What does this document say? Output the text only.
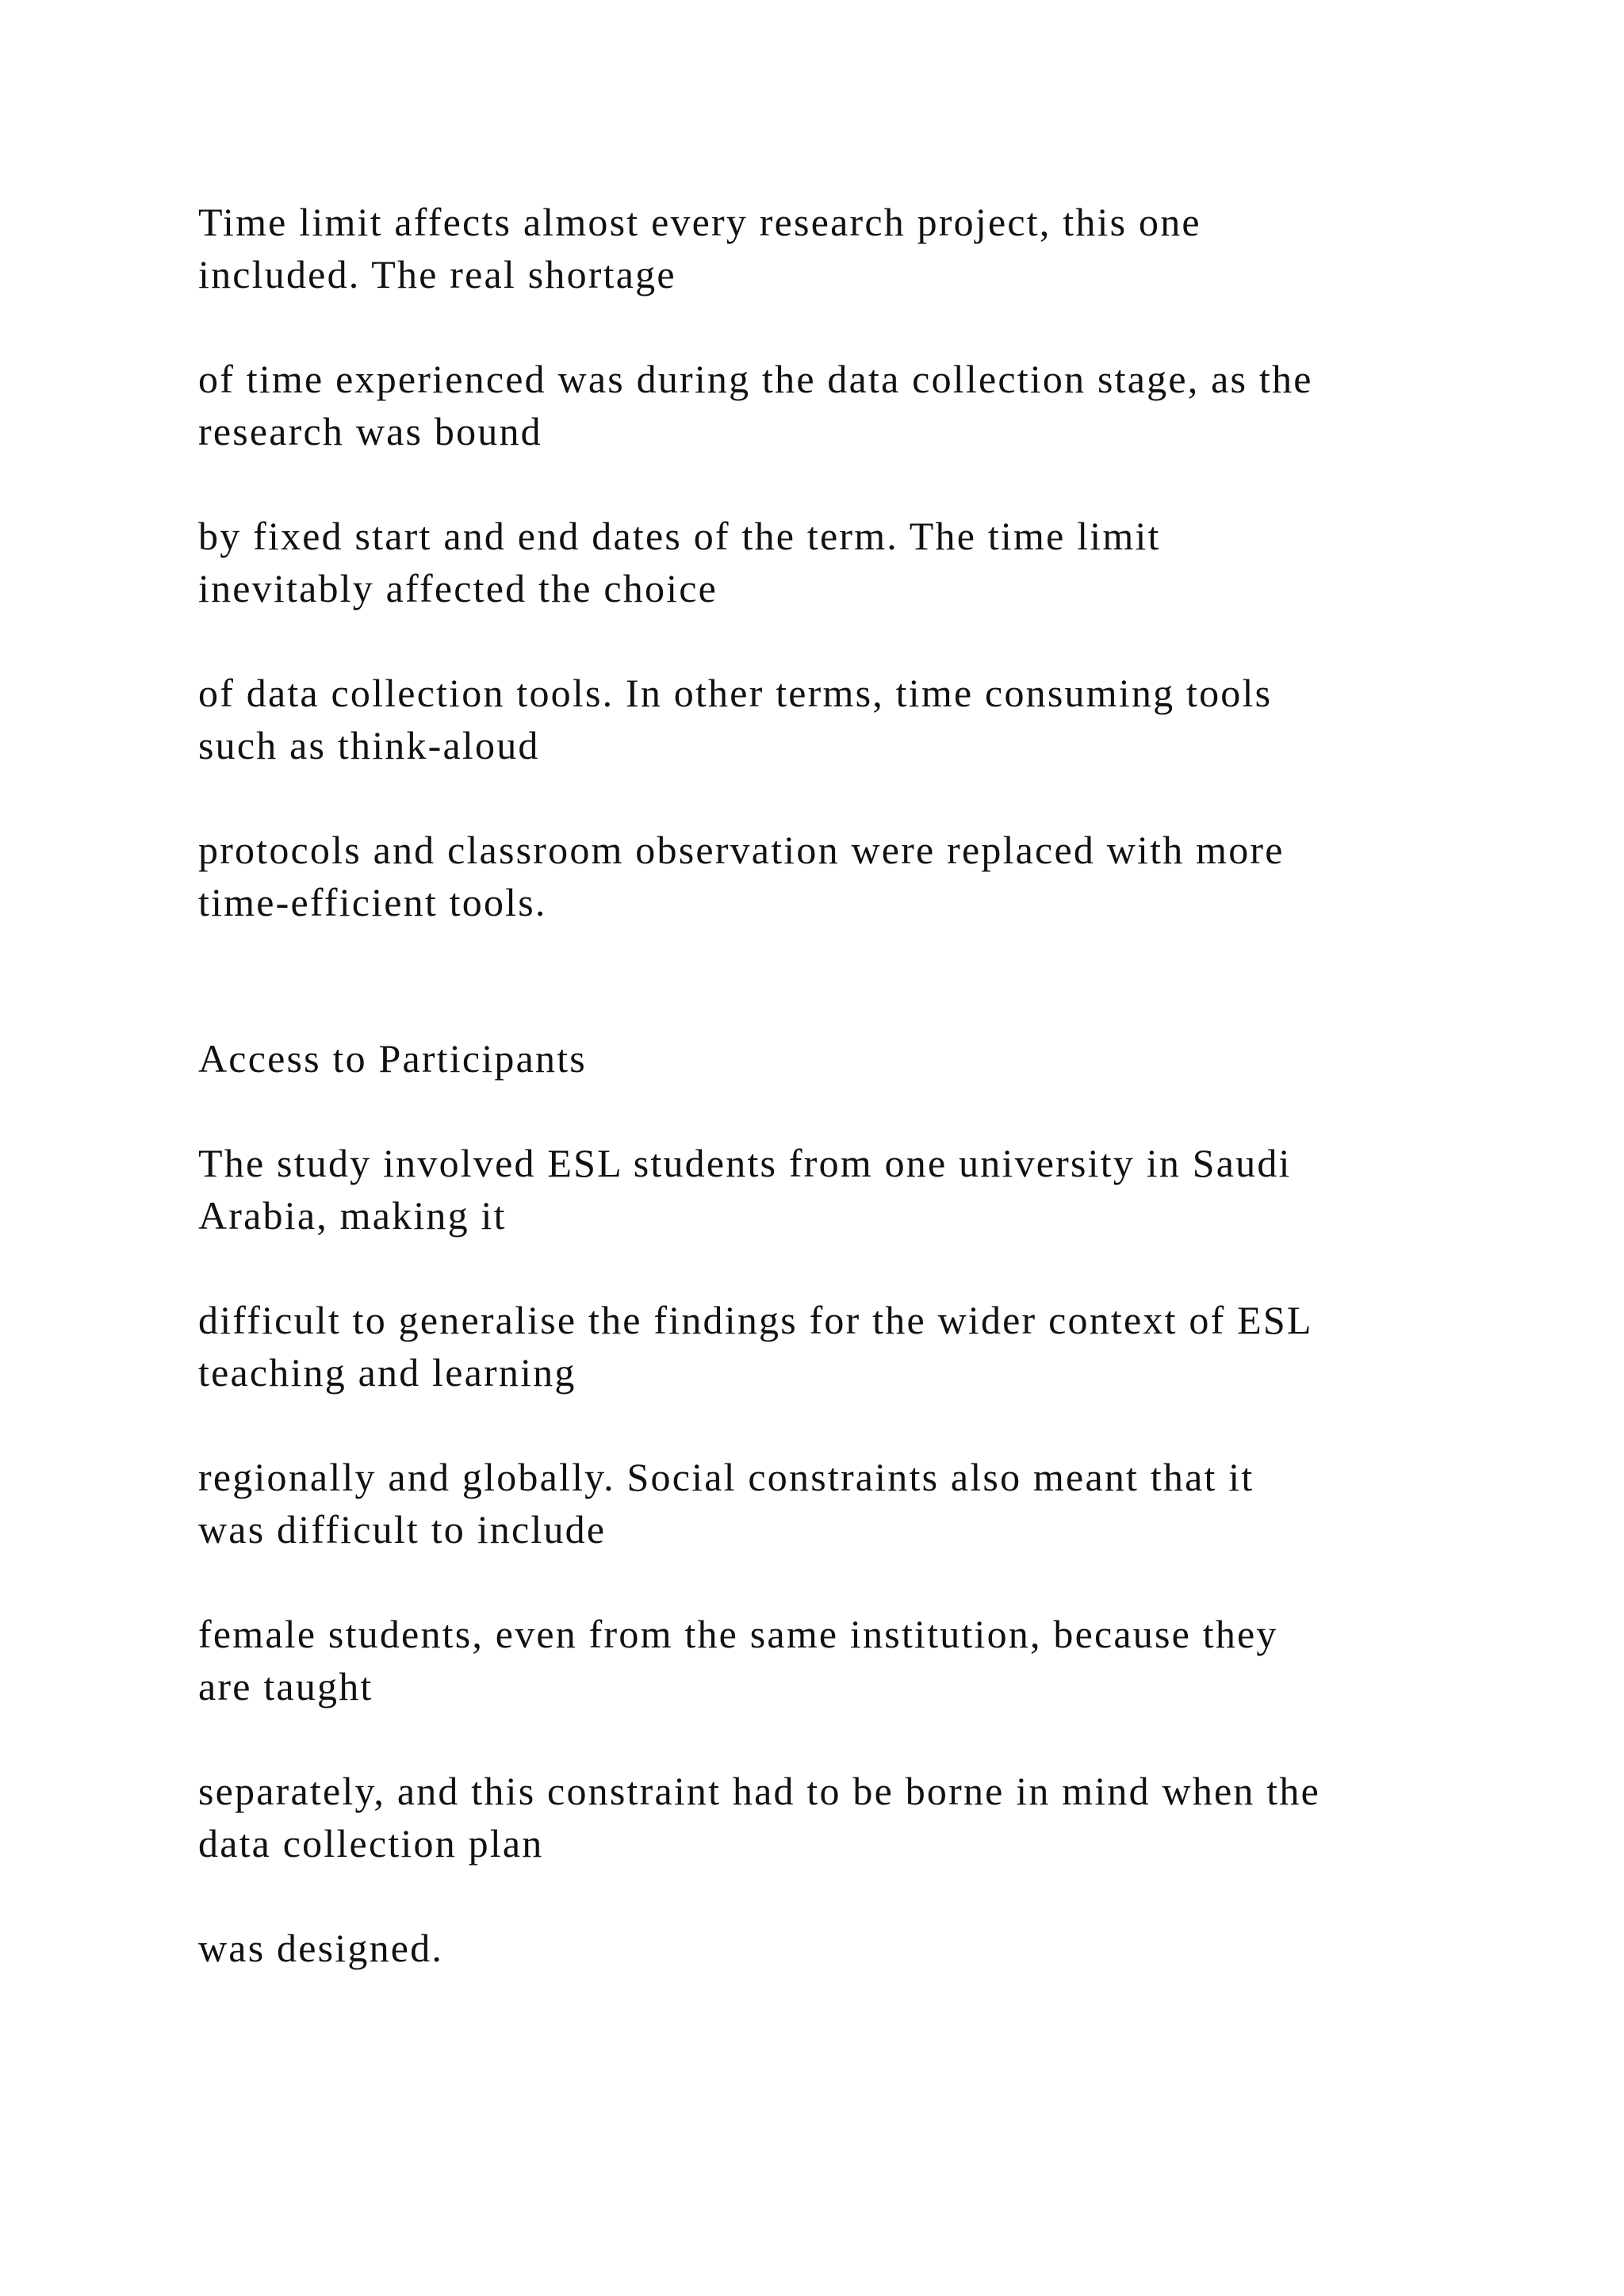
Time limit affects almost every research project, this one
included. The real shortage
of time experienced was during the data collection stage, as the
research was bound
by fixed start and end dates of the term. The time limit
inevitably affected the choice
of data collection tools. In other terms, time consuming tools
such as think-aloud
protocols and classroom observation were replaced with more
time-efficient tools.
Access to Participants
The study involved ESL students from one university in Saudi
Arabia, making it
difficult to generalise the findings for the wider context of ESL
teaching and learning
regionally and globally. Social constraints also meant that it
was difficult to include
female students, even from the same institution, because they
are taught
separately, and this constraint had to be borne in mind when the
data collection plan
was designed.
